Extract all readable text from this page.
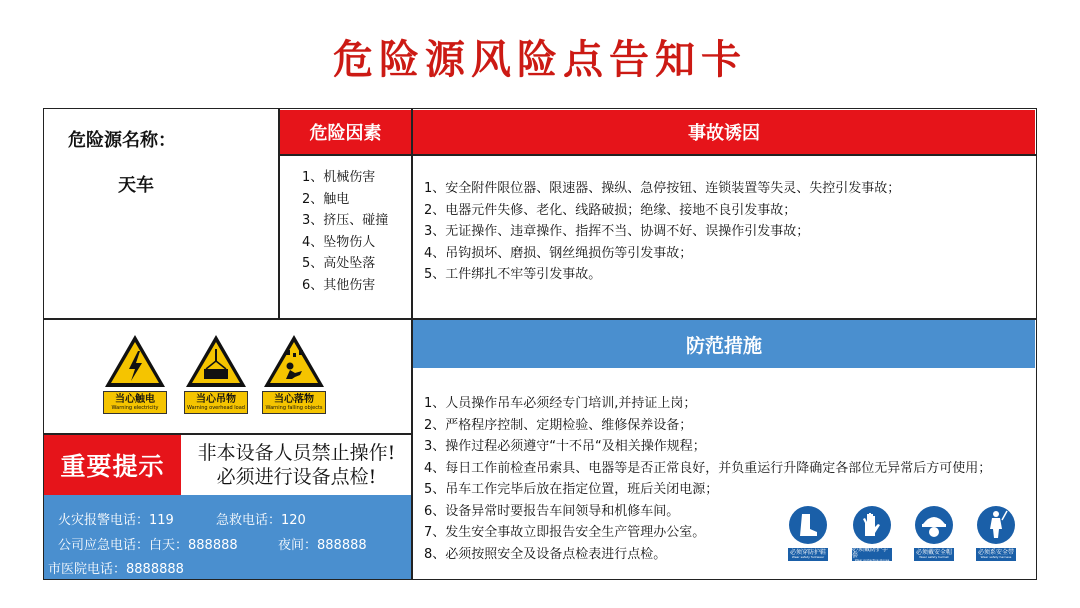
危险源风险点告知卡
危险源名称：
天车
危险因素
1、机械伤害
2、触电
3、挤压、碰撞
4、坠物伤人
5、高处坠落
6、其他伤害
事故诱因
1、安全附件限位器、限速器、操纵、急停按钮、连锁装置等失灵、失控引发事故；
2、电器元件失修、老化、线路破损；绝缘、接地不良引发事故；
3、无证操作、违章操作、指挥不当、协调不好、误操作引发事故；
4、吊钩损坏、磨损、钢丝绳损伤等引发事故；
5、工件绑扎不牢等引发事故。
当心触电
Warning electricity
当心吊物
Warning overhead load
当心落物
Warning falling objects
重要提示	非本设备人员禁止操作!
必须进行设备点检!
火灾报警电话：119	急救电话：120
公司应急电话：白天：888888	夜间：888888
市医院电话：8888888
防范措施
1、人员操作吊车必须经专门培训,并持证上岗；
2、严格程序控制、定期检验、维修保养设备；
3、操作过程必须遵守“十不吊“及相关操作规程；
4、每日工作前检查吊索具、电器等是否正常良好，并负重运行升降确定各部位无异常后方可使用；
5、吊车工作完毕后放在指定位置，班后关闭电源；
6、设备异常时要报告车间领导和机修车间。
7、发生安全事故立即报告安全生产管理办公室。
8、必须按照安全及设备点检表进行点检。	必须穿防护鞋
Wear safety footwear
必须戴防护手套
Wear protective gloves
必须戴安全帽
Wear safety helmet
必须系安全带
Wear safety harness
